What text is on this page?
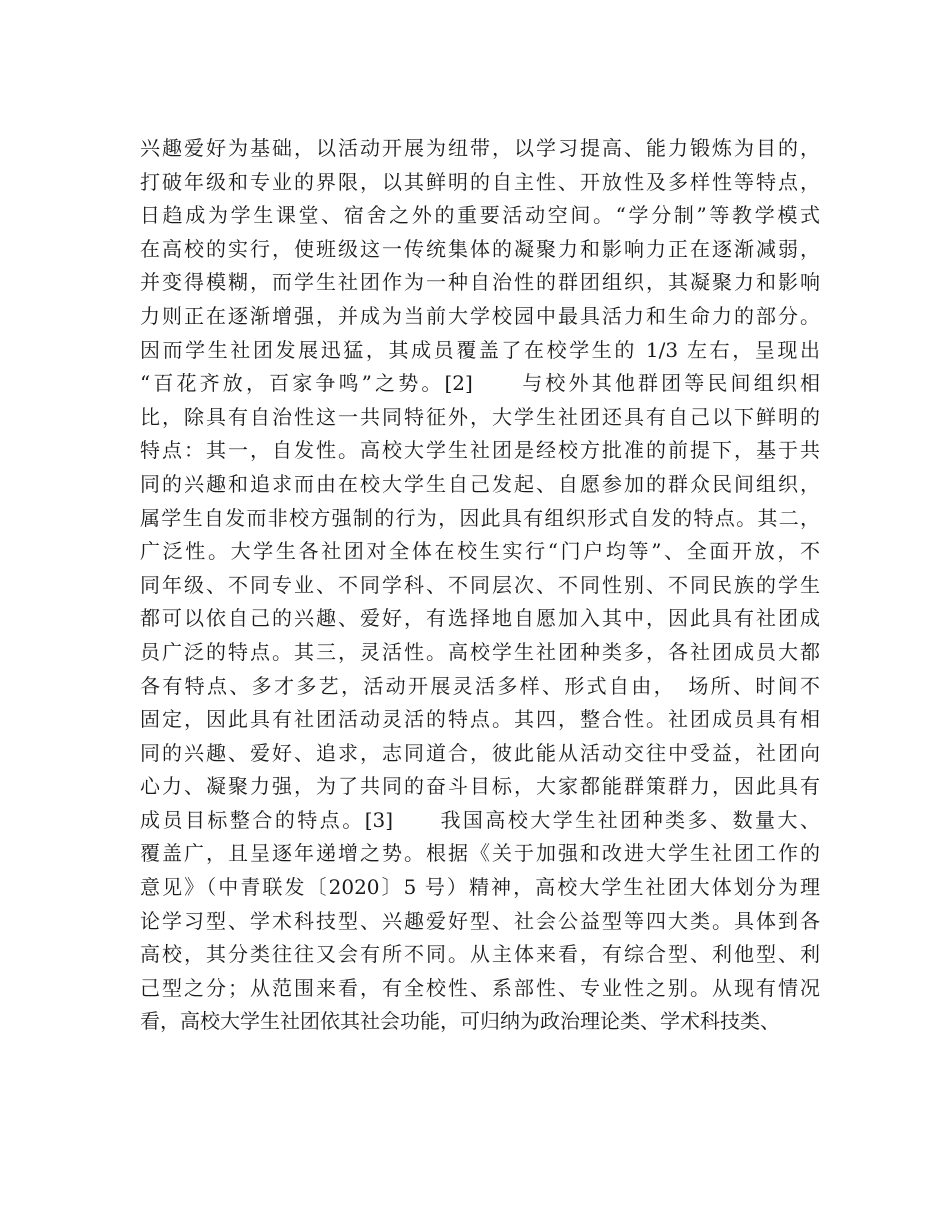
兴趣爱好为基础，以活动开展为纽带，以学习提高、能力锻炼为目的，
打破年级和专业的界限，以其鲜明的自主性、开放性及多样性等特点，
日趋成为学生课堂、宿舍之外的重要活动空间。“学分制”等教学模式
在高校的实行，使班级这一传统集体的凝聚力和影响力正在逐渐减弱，
并变得模糊，而学生社团作为一种自治性的群团组织，其凝聚力和影响
力则正在逐渐增强，并成为当前大学校园中最具活力和生命力的部分。
因而学生社团发展迅猛，其成员覆盖了在校学生的 1/3 左右，呈现出
“百花齐放，百家争鸣”之势。[2]　　与校外其他群团等民间组织相
比，除具有自治性这一共同特征外，大学生社团还具有自己以下鲜明的
特点：其一，自发性。高校大学生社团是经校方批准的前提下，基于共
同的兴趣和追求而由在校大学生自己发起、自愿参加的群众民间组织，
属学生自发而非校方强制的行为，因此具有组织形式自发的特点。其二，
广泛性。大学生各社团对全体在校生实行“门户均等”、全面开放，不
同年级、不同专业、不同学科、不同层次、不同性别、不同民族的学生
都可以依自己的兴趣、爱好，有选择地自愿加入其中，因此具有社团成
员广泛的特点。其三，灵活性。高校学生社团种类多，各社团成员大都
各有特点、多才多艺，活动开展灵活多样、形式自由，　场所、时间不
固定，因此具有社团活动灵活的特点。其四，整合性。社团成员具有相
同的兴趣、爱好、追求，志同道合，彼此能从活动交往中受益，社团向
心力、凝聚力强，为了共同的奋斗目标，大家都能群策群力，因此具有
成员目标整合的特点。[3]　　我国高校大学生社团种类多、数量大、
覆盖广，且呈逐年递增之势。根据《关于加强和改进大学生社团工作的
意见》（中青联发〔2020〕5 号）精神，高校大学生社团大体划分为理
论学习型、学术科技型、兴趣爱好型、社会公益型等四大类。具体到各
高校，其分类往往又会有所不同。从主体来看，有综合型、利他型、利
己型之分；从范围来看，有全校性、系部性、专业性之别。从现有情况
看，高校大学生社团依其社会功能，可归纳为政治理论类、学术科技类、
